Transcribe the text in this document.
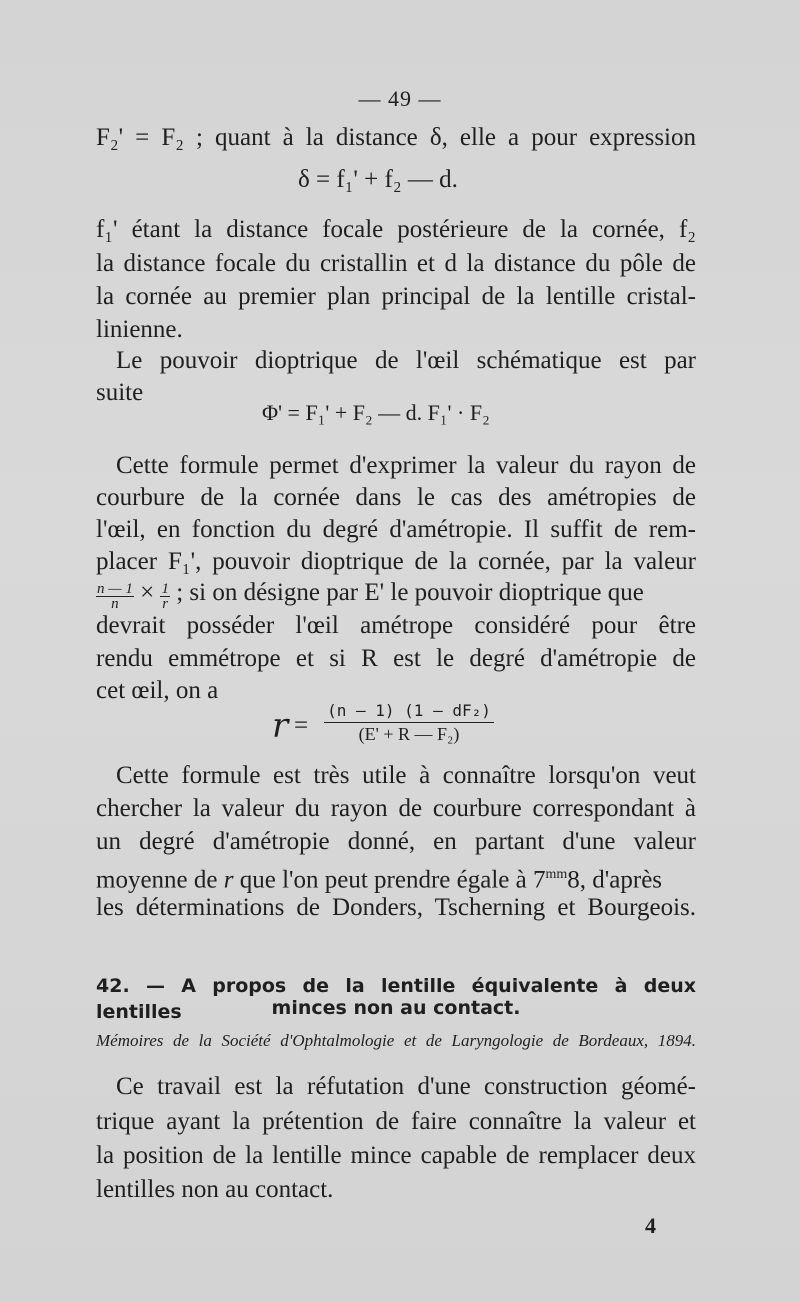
— 49 —
F₂' = F₂ ; quant à la distance δ, elle a pour expression
δ = f₁' + f₂ — d.
f₁' étant la distance focale postérieure de la cornée, f₂
la distance focale du cristallin et d la distance du pôle de
la cornée au premier plan principal de la lentille cristal-
linienne.
Le pouvoir dioptrique de l'œil schématique est par
suite
Φ' = F₁' + F₂ — d. F₁' · F₂
Cette formule permet d'exprimer la valeur du rayon de
courbure de la cornée dans le cas des amétropies de
l'œil, en fonction du degré d'amétropie. Il suffit de rem-
placer F₁', pouvoir dioptrique de la cornée, par la valeur
$\frac{n — 1}{n} \times \frac{1}{r}$ ; si on désigne par E' le pouvoir dioptrique que
devrait posséder l'œil amétrope considéré pour être
rendu emmétrope et si R est le degré d'amétropie de
cet œil, on a
$r = \frac{\text{(n — 1) (1 — dF₂)}}{\text{(E' + R — F₂)}}$
Cette formule est très utile à connaître lorsqu'on veut
chercher la valeur du rayon de courbure correspondant à
un degré d'amétropie donné, en partant d'une valeur
moyenne de r que l'on peut prendre égale à $7^{mm}8$, d'après
les déterminations de Donders, Tscherning et Bourgeois.
42. — A propos de la lentille équivalente à deux lentilles	minces non au contact.
Mémoires de la Société d'Ophtalmologie et de Laryngologie de Bordeaux, 1894.
Ce travail est la réfutation d'une construction géomé-
trique ayant la prétention de faire connaître la valeur et
la position de la lentille mince capable de remplacer deux
lentilles non au contact.
4
